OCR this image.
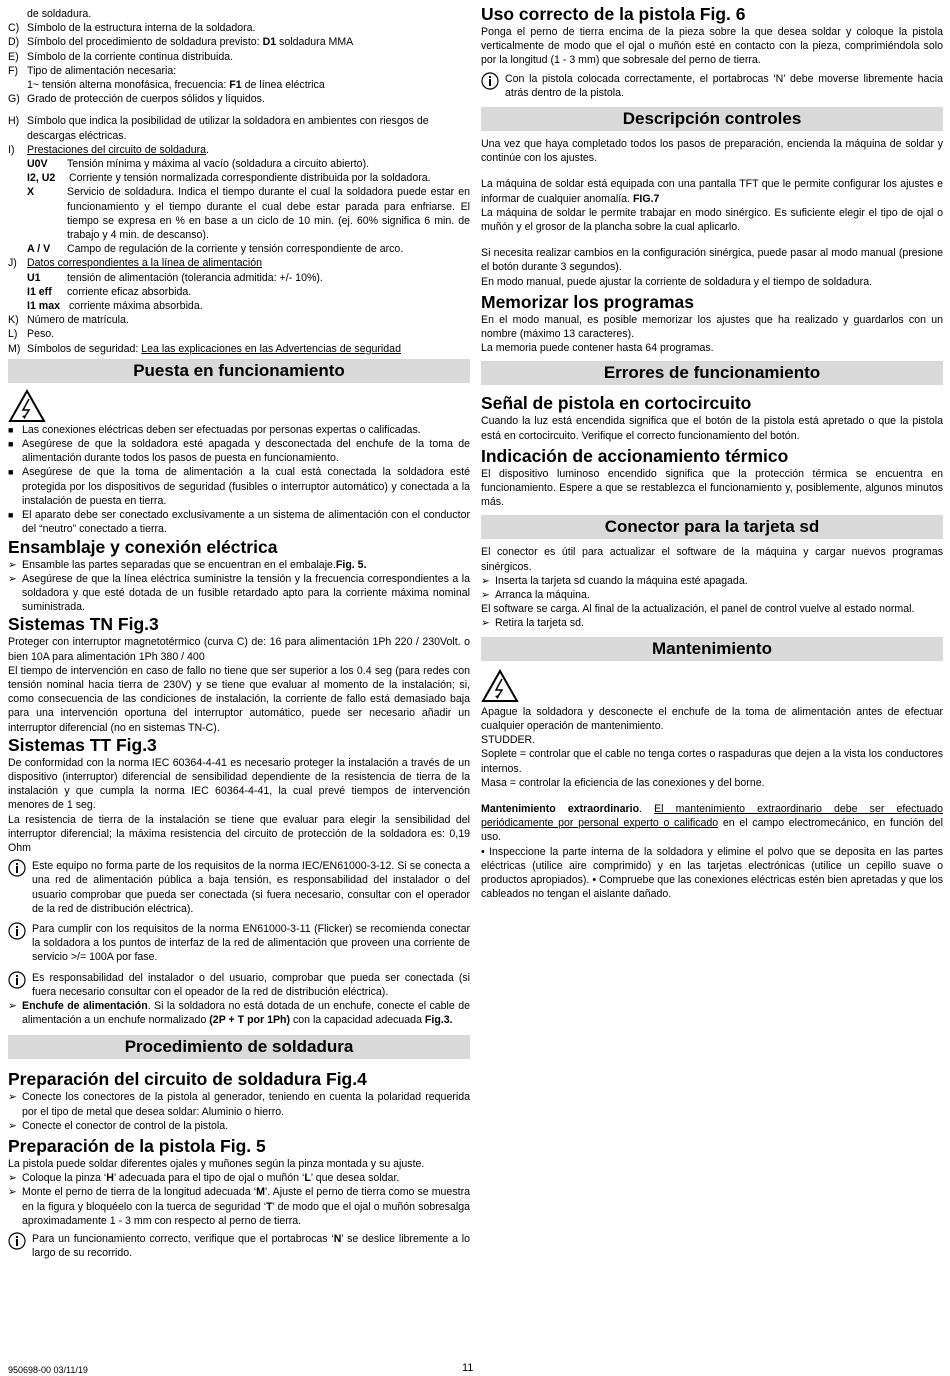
de soldadura.

C) Símbolo de la estructura interna de la soldadora.
D) Símbolo del procedimiento de soldadura previsto: D1 soldadura MMA
E) Símbolo de la corriente continua distribuida.
F) Tipo de alimentación necesaria:

1~ tensión alterna monofásica, frecuencia: F1 de línea eléctrica

G) Grado de protección de cuerpos sólidos y líquidos.
H) Símbolo que indica la posibilidad de utilizar la soldadora en ambientes con riesgos de descargas eléctricas.
I)	Prestaciones del circuito de soldadura.
U0V	Tensión mínima y máxima al vacío (soldadura a circuito abierto).
I2, U2	Corriente y tensión normalizada correspondiente distribuida por la soldadora.
X	Servicio de soldadura. Indica el tiempo durante el cual la soldadora puede estar en funcionamiento y el tiempo durante el cual debe estar parada para enfriarse. El tiempo se expresa en % en base a un ciclo de 10 min. (ej. 60% significa 6 min. de trabajo y 4 min. de descanso).
A / V	Campo de regulación de la corriente y tensión correspondiente de arco.
J) Datos correspondientes a la línea de alimentación
U1	tensión de alimentación (tolerancia admitida: +/- 10%).
I1 eff	corriente eficaz absorbida.
I1 max corriente máxima absorbida.
K) Número de matrícula.
L) Peso.
M) Símbolos de seguridad: Lea las explicaciones en las Advertencias de seguridad
Puesta en funcionamiento
■ Las conexiones eléctricas deben ser efectuadas por personas expertas o calificadas.
■ Asegúrese de que la soldadora esté apagada y desconectada del enchufe de la toma de alimentación durante todos los pasos de puesta en funcionamiento.
■ Asegúrese de que la toma de alimentación a la cual está conectada la soldadora esté protegida por los dispositivos de seguridad (fusibles o interruptor automático) y conectada a la instalación de puesta en tierra.
■ El aparato debe ser conectado exclusivamente a un sistema de alimentación con el conductor del “neutro” conectado a tierra.
Ensamblaje y conexión eléctrica
➢ Ensamble las partes separadas que se encuentran en el embalaje.Fig. 5.
➢ Asegúrese de que la línea eléctrica suministre la tensión y la frecuencia correspondientes a la soldadora y que esté dotada de un fusible retardado apto para la corriente máxima nominal suministrada.
Sistemas TN Fig.3

Proteger con interruptor magnetotérmico (curva C) de: 16 para alimentación 1Ph 220 / 230Volt. o bien 10A para alimentación 1Ph 380 / 400

El tiempo de intervención en caso de fallo no tiene que ser superior a los 0.4 seg (para redes con tensión nominal hacia tierra de 230V) y se tiene que evaluar al momento de la instalación; si, como consecuencia de las condiciones de instalación, la corriente de fallo está demasiado baja para una intervención oportuna del interruptor automático, puede ser necesario añadir un interruptor diferencial (no en sistemas TN-C).

Sistemas TT Fig.3

De conformidad con la norma IEC 60364-4-41 es necesario proteger la instalación a través de un dispositivo (interruptor) diferencial de sensibilidad dependiente de la resistencia de tierra de la instalación y que cumpla la norma IEC 60364-4-41, la cual prevé tiempos de intervención menores de 1 seg.

La resistencia de tierra de la instalación se tiene que evaluar para elegir la sensibilidad del interruptor diferencial; la máxima resistencia del circuito de protección de la soldadora es: 0,19 Ohm

Este equipo no forma parte de los requisitos de la norma IEC/EN61000-3-12. Si se conecta a una red de alimentación pública a baja tensión, es responsabilidad del instalador o del usuario comprobar que pueda ser conectada (si fuera necesario, consultar con el operador de la red de distribución eléctrica).
Para cumplir con los requisitos de la norma EN61000-3-11 (Flicker) se recomienda conectar la soldadora a los puntos de interfaz de la red de alimentación que proveen una corriente de servicio >/= 100A por fase.
Es responsabilidad del instalador o del usuario, comprobar que pueda ser conectada (si fuera necesario consultar con el opeador de la red de distribución eléctrica).
➢ Enchufe de alimentación. Si la soldadora no está dotada de un enchufe, conecte el cable de alimentación a un enchufe normalizado (2P + T por 1Ph) con la capacidad adecuada Fig.3.
Procedimiento de soldadura
Preparación del circuito de soldadura Fig.4
➢ Conecte los conectores de la pistola al generador, teniendo en cuenta la polaridad requerida por el tipo de metal que desea soldar: Aluminio o hierro.
➢ Conecte el conector de control de la pistola.
Preparación de la pistola Fig. 5

La pistola puede soldar diferentes ojales y muñones según la pinza montada y su ajuste.

➢ Coloque la pinza ‘H’ adecuada para el tipo de ojal o muñón ‘L’ que desea soldar.
➢ Monte el perno de tierra de la longitud adecuada ‘M’. Ajuste el perno de tierra como se muestra en la figura y bloquéelo con la tuerca de seguridad ‘T’ de modo que el ojal o muñón sobresalga aproximadamente 1 - 3 mm con respecto al perno de tierra.
Para un funcionamiento correcto, verifique que el portabrocas ‘N’ se deslice libremente a lo largo de su recorrido.
Uso correcto de la pistola Fig. 6

Ponga el perno de tierra encima de la pieza sobre la que desea soldar y coloque la pistola verticalmente de modo que el ojal o muñón esté en contacto con la pieza, comprimiéndola solo por la longitud (1 - 3 mm) que sobresale del perno de tierra.

Con la pistola colocada correctamente, el portabrocas ‘N’ debe moverse libremente hacia atrás dentro de la pistola.
Descripción controles

Una vez que haya completado todos los pasos de preparación, encienda la máquina de soldar y continúe con los ajustes.

La máquina de soldar está equipada con una pantalla TFT que le permite configurar los ajustes e informar de cualquier anomalía. FIG.7

La máquina de soldar le permite trabajar en modo sinérgico. Es suficiente elegir el tipo de ojal o muñón y el grosor de la plancha sobre la cual aplicarlo.

Si necesita realizar cambios en la configuración sinérgica, puede pasar al modo manual (presione el botón durante 3 segundos).

En modo manual, puede ajustar la corriente de soldadura y el tiempo de soldadura.

Memorizar los programas

En el modo manual, es posible memorizar los ajustes que ha realizado y guardarlos con un nombre (máximo 13 caracteres).

La memoria puede contener hasta 64 programas.

Errores de funcionamiento
Señal de pistola en cortocircuito

Cuando la luz está encendida significa que el botón de la pistola está apretado o que la pistola está en cortocircuito. Verifique el correcto funcionamiento del botón.

Indicación de accionamiento térmico

El dispositivo luminoso encendido significa que la protección térmica se encuentra en funcionamiento. Espere a que se restablezca el funcionamiento y, posiblemente, algunos minutos más.

Conector para la tarjeta sd

El conector es útil para actualizar el software de la máquina y cargar nuevos programas sinérgicos.

➢ Inserta la tarjeta sd cuando la máquina esté apagada.
➢ Arranca la máquina.

El software se carga. Al final de la actualización, el panel de control vuelve al estado normal.

➢ Retira la tarjeta sd.
Mantenimiento

Apague la soldadora y desconecte el enchufe de la toma de alimentación antes de efectuar cualquier operación de mantenimiento.

STUDDER.

Soplete = controlar que el cable no tenga cortes o raspaduras que dejen a la vista los conductores internos.

Masa = controlar la eficiencia de las conexiones y del borne.

Mantenimiento extraordinario. El mantenimiento extraordinario debe ser efectuado periódicamente por personal experto o calificado en el campo electromecánico, en función del uso.

• Inspeccione la parte interna de la soldadora y elimine el polvo que se deposita en las partes eléctricas (utilice aire comprimido) y en las tarjetas electrónicas (utilice un cepillo suave o productos apropiados). • Compruebe que las conexiones eléctricas estén bien apretadas y que los cableados no tengan el aislante dañado.

950698-00 03/11/19	11
